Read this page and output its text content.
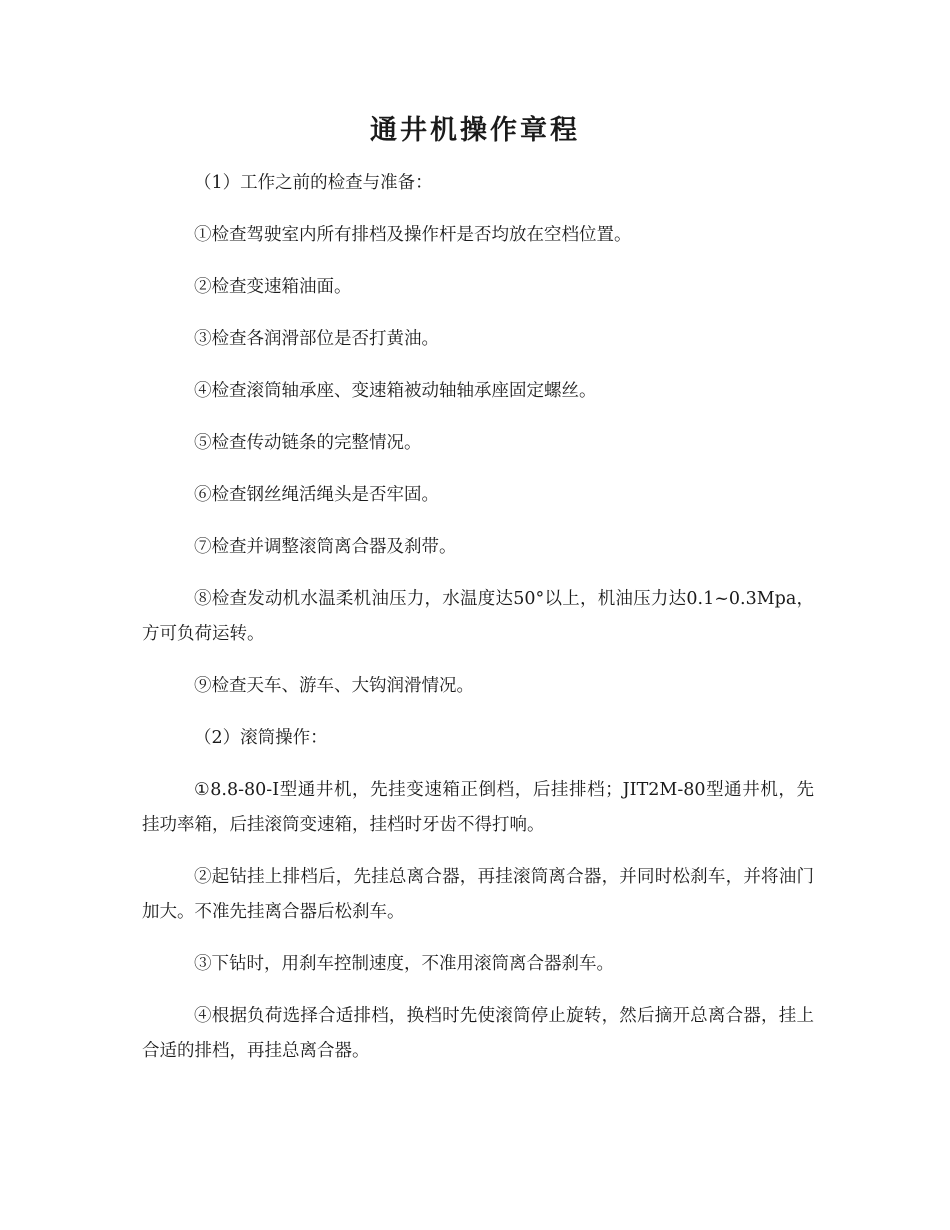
通井机操作章程

（1）工作之前的检查与准备：

①检查驾驶室内所有排档及操作杆是否均放在空档位置。

②检查变速箱油面。

③检查各润滑部位是否打黄油。

④检查滚筒轴承座、变速箱被动轴轴承座固定螺丝。

⑤检查传动链条的完整情况。

⑥检查钢丝绳活绳头是否牢固。

⑦检查并调整滚筒离合器及刹带。

⑧检查发动机水温柔机油压力，水温度达50°以上，机油压力达0.1~0.3Mpa，方可负荷运转。

⑨检查天车、游车、大钩润滑情况。

（2）滚筒操作：

①8.8-80-I型通井机，先挂变速箱正倒档，后挂排档；JIT2M-80型通井机，先挂功率箱，后挂滚筒变速箱，挂档时牙齿不得打响。

②起钻挂上排档后，先挂总离合器，再挂滚筒离合器，并同时松刹车，并将油门加大。不准先挂离合器后松刹车。

③下钻时，用刹车控制速度，不准用滚筒离合器刹车。

④根据负荷选择合适排档，换档时先使滚筒停止旋转，然后摘开总离合器，挂上合适的排档，再挂总离合器。
